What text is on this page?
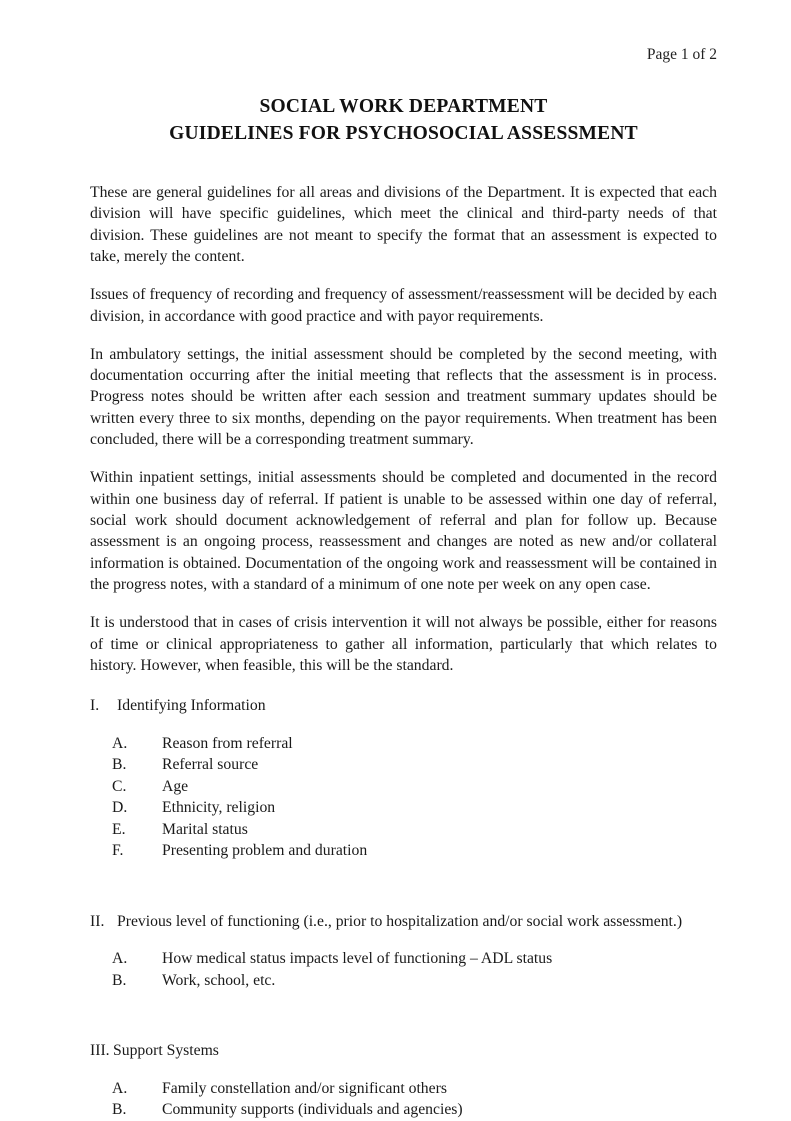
Page 1 of 2
SOCIAL WORK DEPARTMENT
GUIDELINES FOR PSYCHOSOCIAL ASSESSMENT

These are general guidelines for all areas and divisions of the Department. It is expected that each division will have specific guidelines, which meet the clinical and third-party needs of that division. These guidelines are not meant to specify the format that an assessment is expected to take, merely the content.

Issues of frequency of recording and frequency of assessment/reassessment will be decided by each division, in accordance with good practice and with payor requirements.

In ambulatory settings, the initial assessment should be completed by the second meeting, with documentation occurring after the initial meeting that reflects that the assessment is in process. Progress notes should be written after each session and treatment summary updates should be written every three to six months, depending on the payor requirements. When treatment has been concluded, there will be a corresponding treatment summary.

Within inpatient settings, initial assessments should be completed and documented in the record within one business day of referral. If patient is unable to be assessed within one day of referral, social work should document acknowledgement of referral and plan for follow up. Because assessment is an ongoing process, reassessment and changes are noted as new and/or collateral information is obtained. Documentation of the ongoing work and reassessment will be contained in the progress notes, with a standard of a minimum of one note per week on any open case.

It is understood that in cases of crisis intervention it will not always be possible, either for reasons of time or clinical appropriateness to gather all information, particularly that which relates to history. However, when feasible, this will be the standard.

I.	Identifying Information
A.	Reason from referral
B.	Referral source
C.	Age
D.	Ethnicity, religion
E.	Marital status
F.	Presenting problem and duration
II. Previous level of functioning (i.e., prior to hospitalization and/or social work assessment.)
A.	How medical status impacts level of functioning – ADL status
B.	Work, school, etc.
III. Support Systems
A.	Family constellation and/or significant others
B.	Community supports (individuals and agencies)
